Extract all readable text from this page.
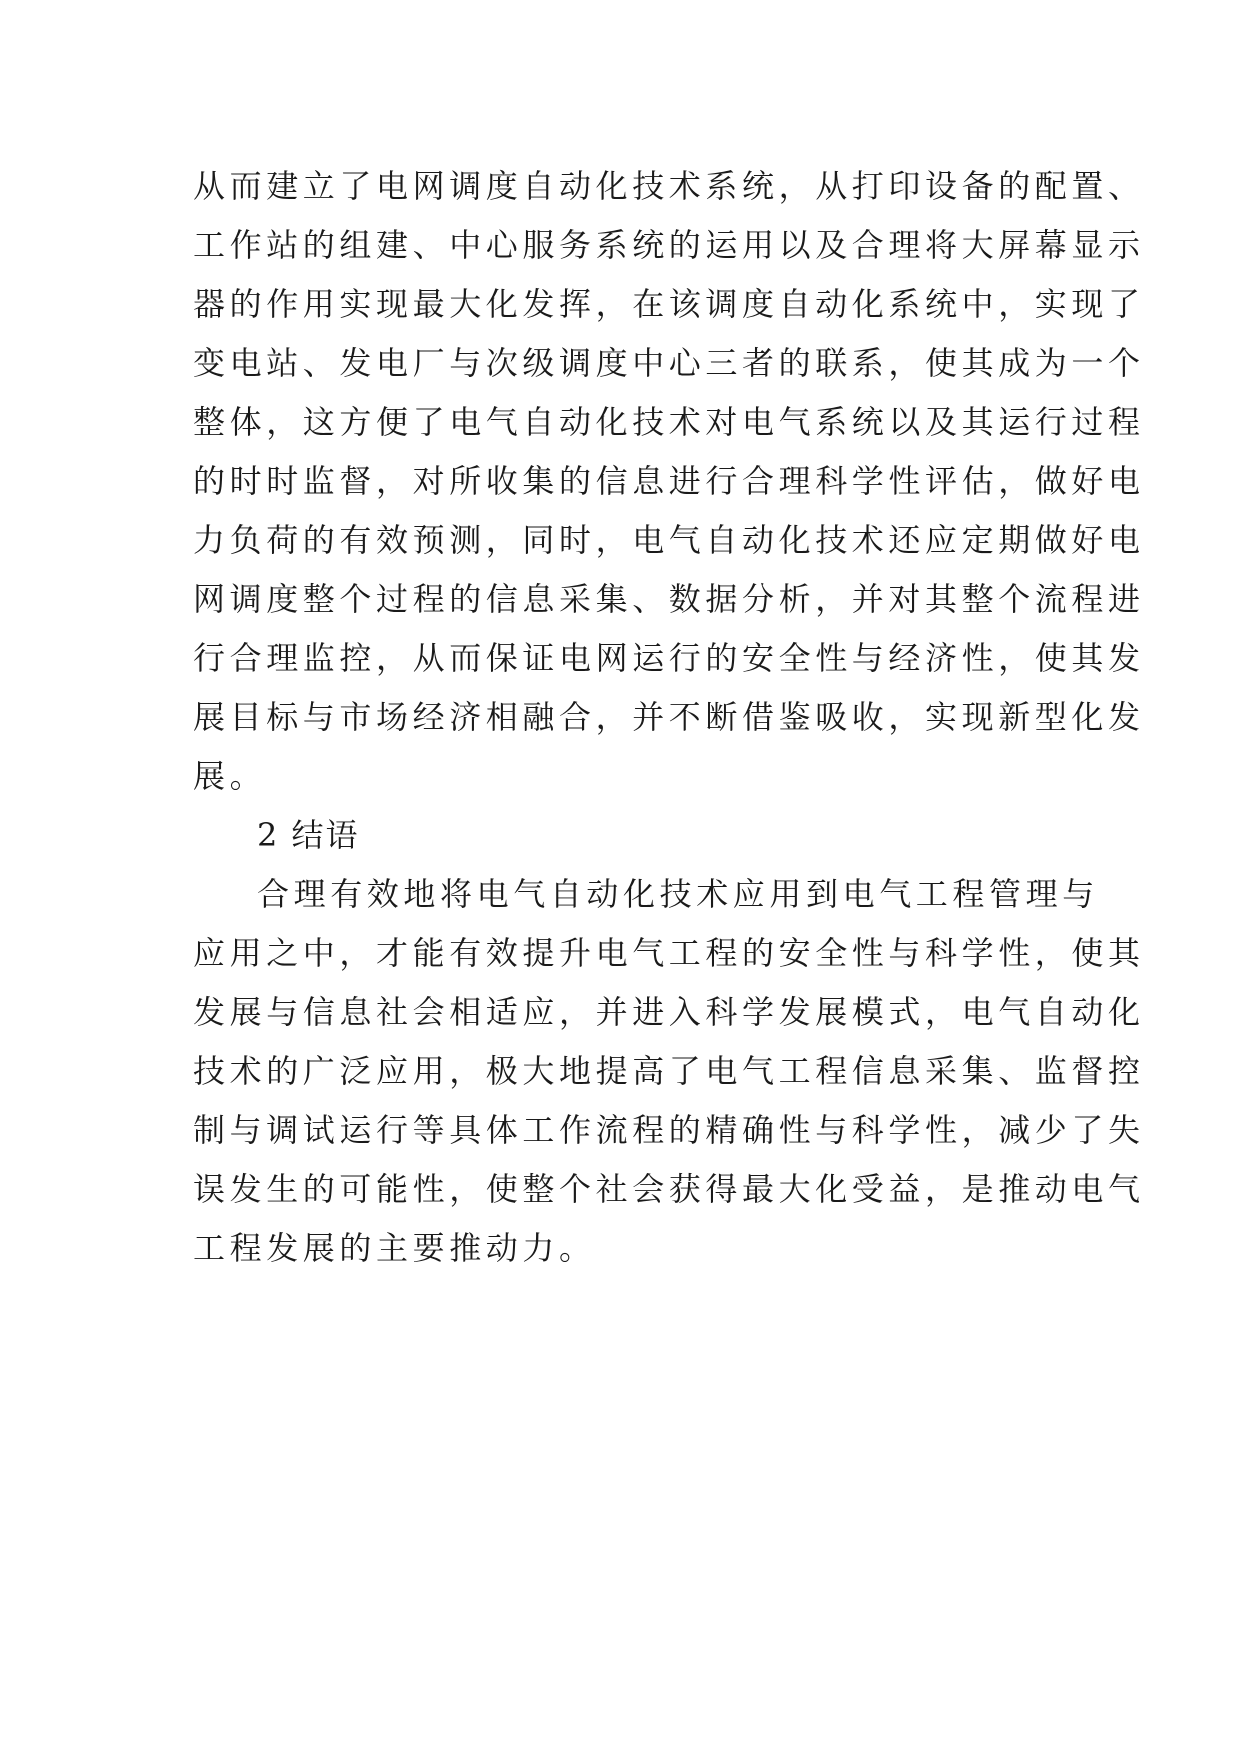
从而建立了电网调度自动化技术系统，从打印设备的配置、
工作站的组建、中心服务系统的运用以及合理将大屏幕显示
器的作用实现最大化发挥，在该调度自动化系统中，实现了
变电站、发电厂与次级调度中心三者的联系，使其成为一个
整体，这方便了电气自动化技术对电气系统以及其运行过程
的时时监督，对所收集的信息进行合理科学性评估，做好电
力负荷的有效预测，同时，电气自动化技术还应定期做好电
网调度整个过程的信息采集、数据分析，并对其整个流程进
行合理监控，从而保证电网运行的安全性与经济性，使其发
展目标与市场经济相融合，并不断借鉴吸收，实现新型化发
展。
2 结语
合理有效地将电气自动化技术应用到电气工程管理与
应用之中，才能有效提升电气工程的安全性与科学性，使其
发展与信息社会相适应，并进入科学发展模式，电气自动化
技术的广泛应用，极大地提高了电气工程信息采集、监督控
制与调试运行等具体工作流程的精确性与科学性，减少了失
误发生的可能性，使整个社会获得最大化受益，是推动电气
工程发展的主要推动力。
